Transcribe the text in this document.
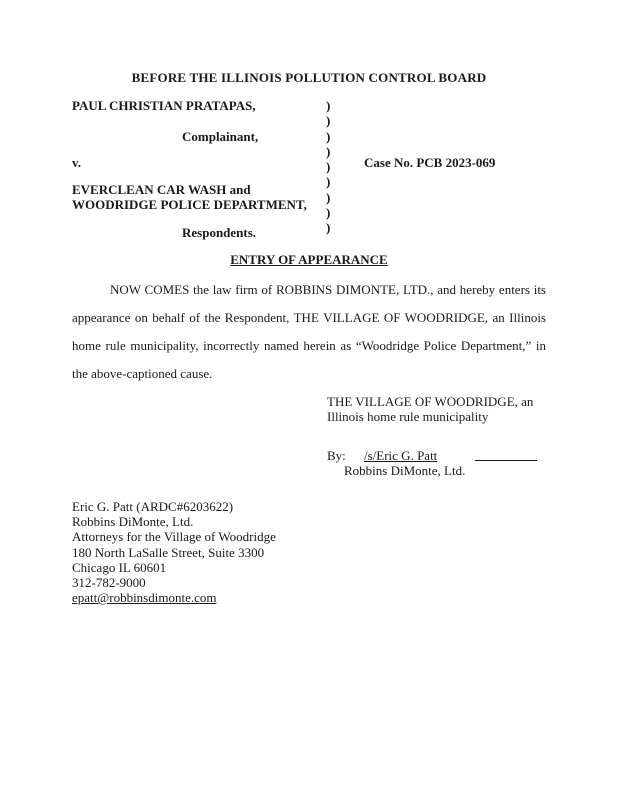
BEFORE THE ILLINOIS POLLUTION CONTROL BOARD
PAUL CHRISTIAN PRATAPAS,
Complainant,
v.	Case No. PCB 2023-069
EVERCLEAN CAR WASH and
WOODRIDGE POLICE DEPARTMENT,
Respondents.
)
)
)
)
)
)
)
)
)
ENTRY OF APPEARANCE

NOW COMES the law firm of ROBBINS DIMONTE, LTD., and hereby enters its appearance on behalf of the Respondent, THE VILLAGE OF WOODRIDGE, an Illinois home rule municipality, incorrectly named herein as “Woodridge Police Department,” in the above-captioned cause.

THE VILLAGE OF WOODRIDGE, an
Illinois home rule municipality
By:	/s/Eric G. Patt
Robbins DiMonte, Ltd.
Eric G. Patt (ARDC#6203622)
Robbins DiMonte, Ltd.
Attorneys for the Village of Woodridge
180 North LaSalle Street, Suite 3300
Chicago IL 60601
312-782-9000
epatt@robbinsdimonte.com
